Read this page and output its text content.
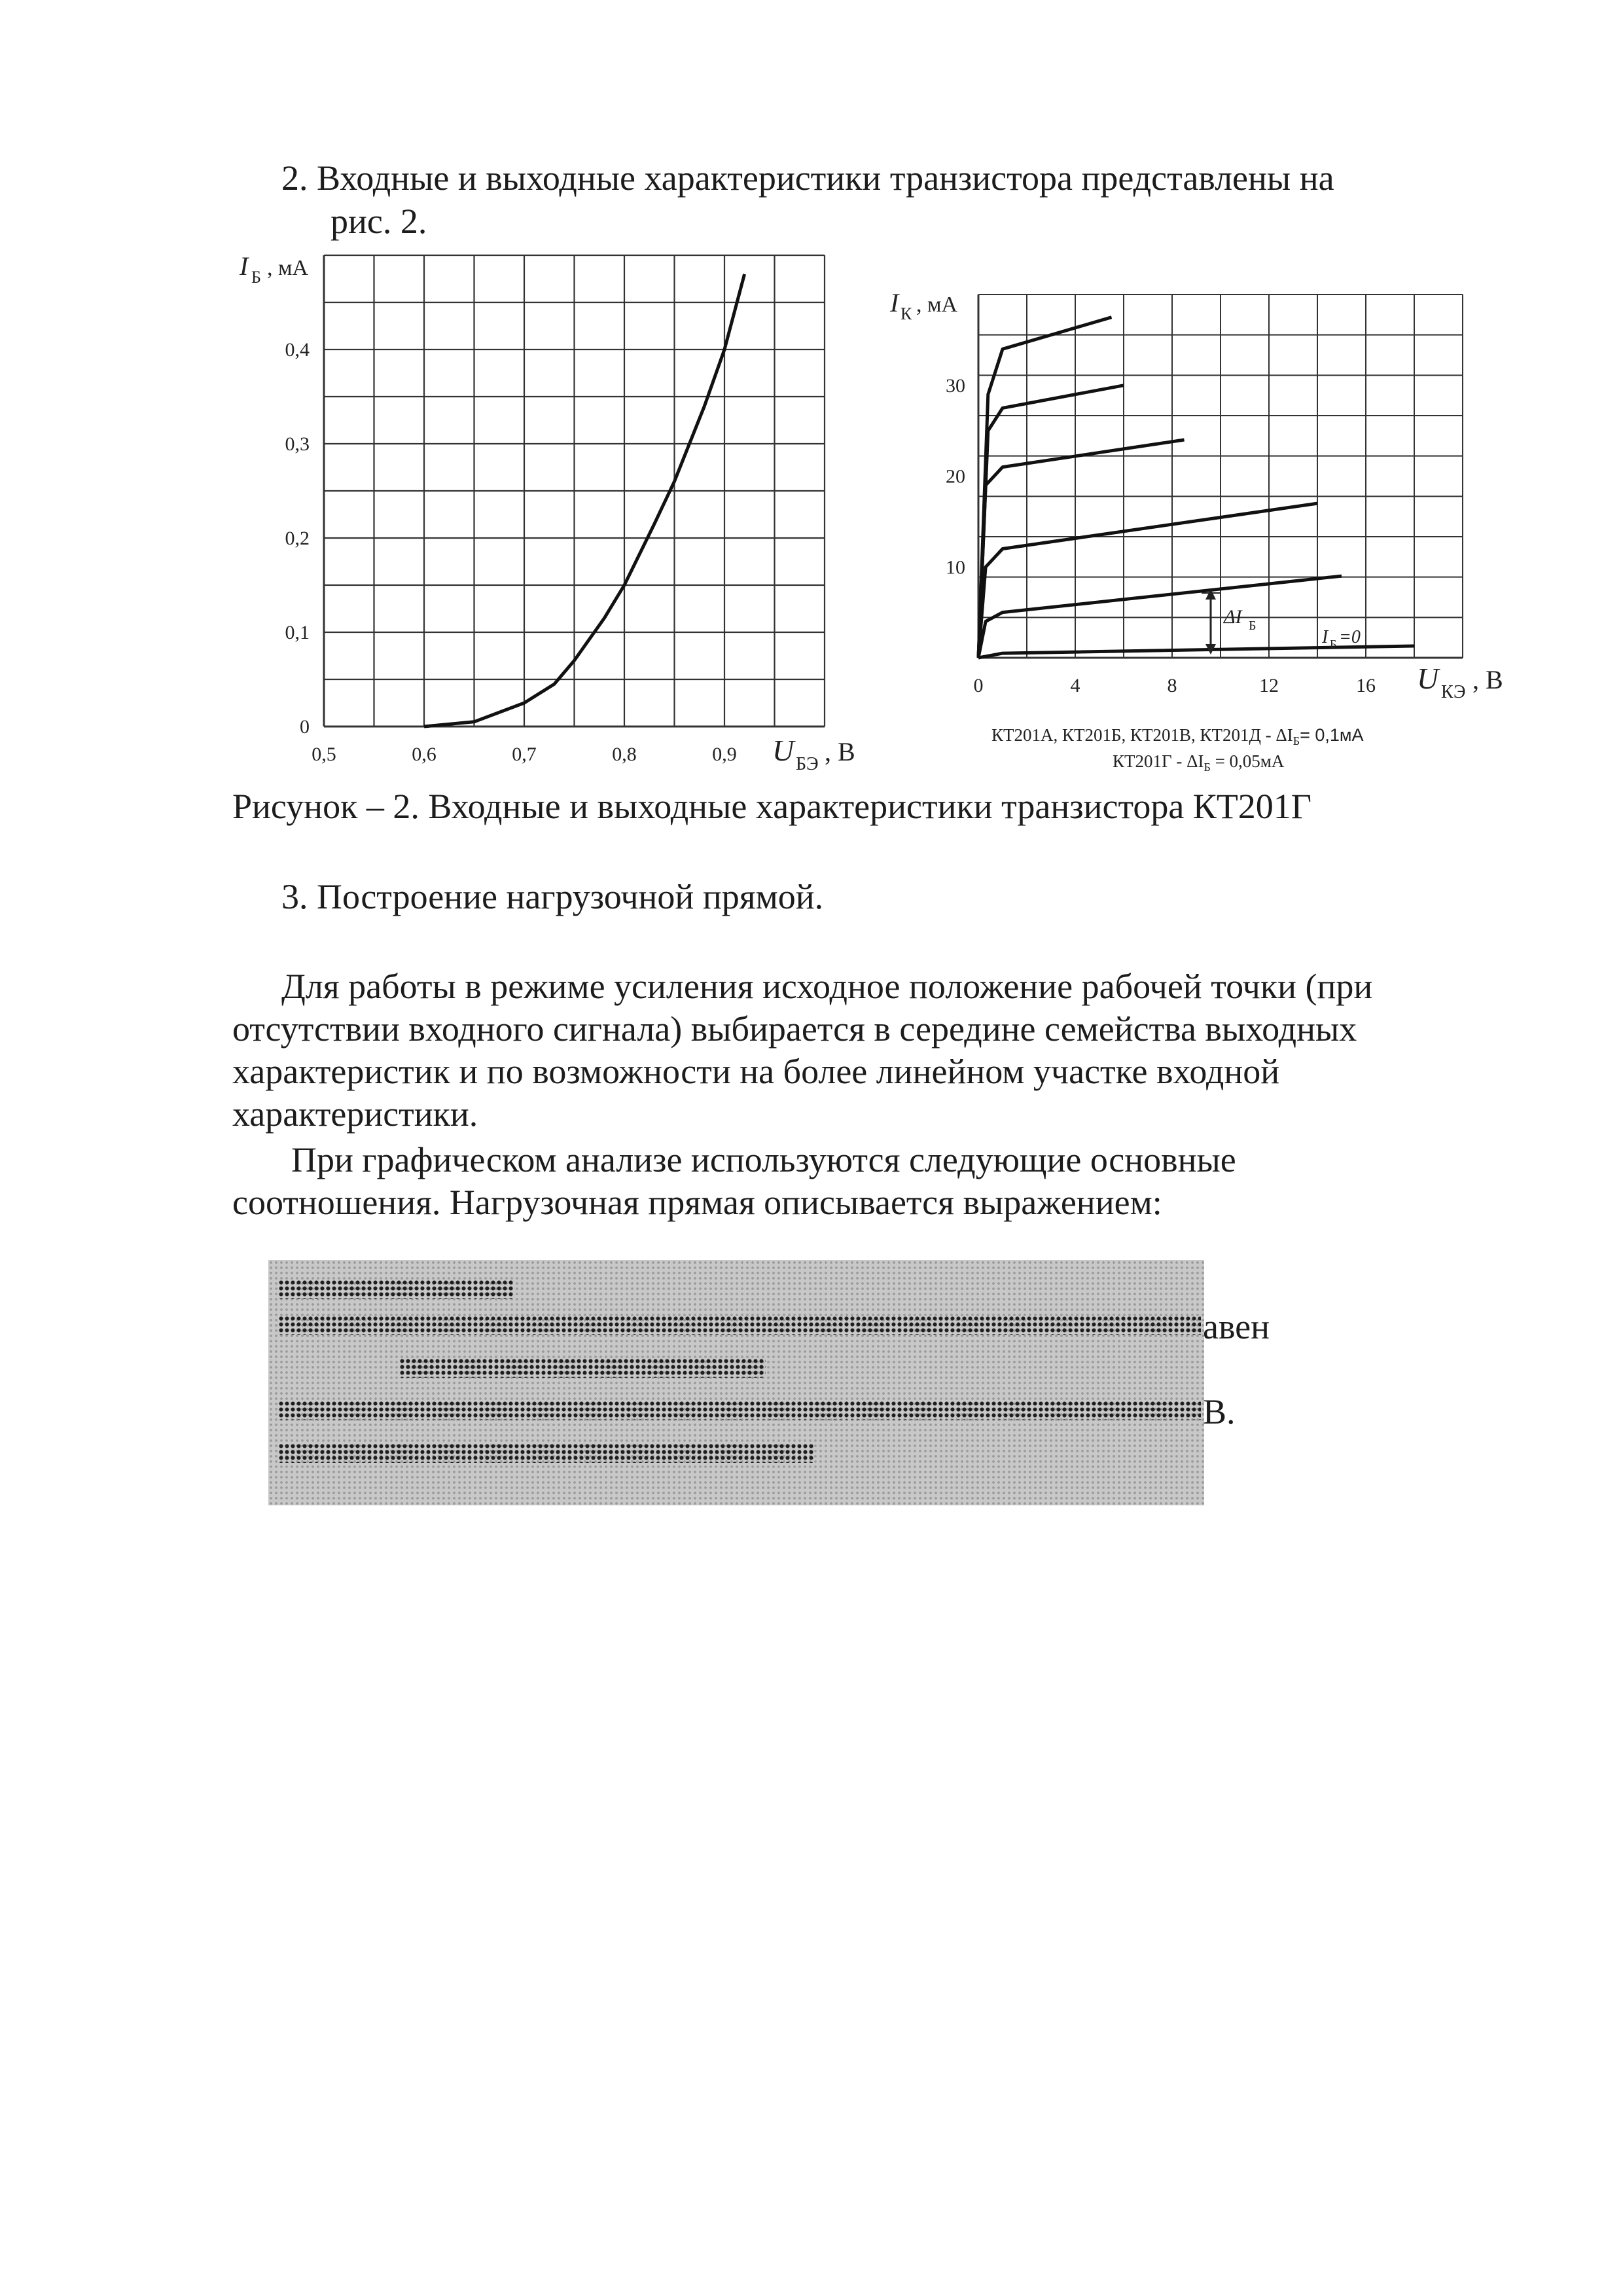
2. Входные и выходные характеристики транзистора представлены на
рис. 2.
0,5	0,6	0,7	0,8	0,9
0
0,1
0,2
0,3
0,4
I Б , мА
U БЭ , В
0	4	8	12	16
10
20
30
I К , мА
U КЭ , В
ΔI Б
I Б =0
КТ201А, КТ201Б, КТ201В, $КТ201Д - \Delta I_Б= 0,1мА$
$КТ201Г - \Delta I_Б = 0,05мА$
Рисунок – 2. Входные и выходные характеристики транзистора КТ201Г
3. Построение нагрузочной прямой.
Для работы в режиме усиления исходное положение рабочей точки (при
отсутствии входного сигнала) выбирается в середине семейства выходных
характеристик и по возможности на более линейном участке входной
характеристики.
При графическом анализе используются следующие основные
соотношения. Нагрузочная прямая описывается выражением:
авен
В.
